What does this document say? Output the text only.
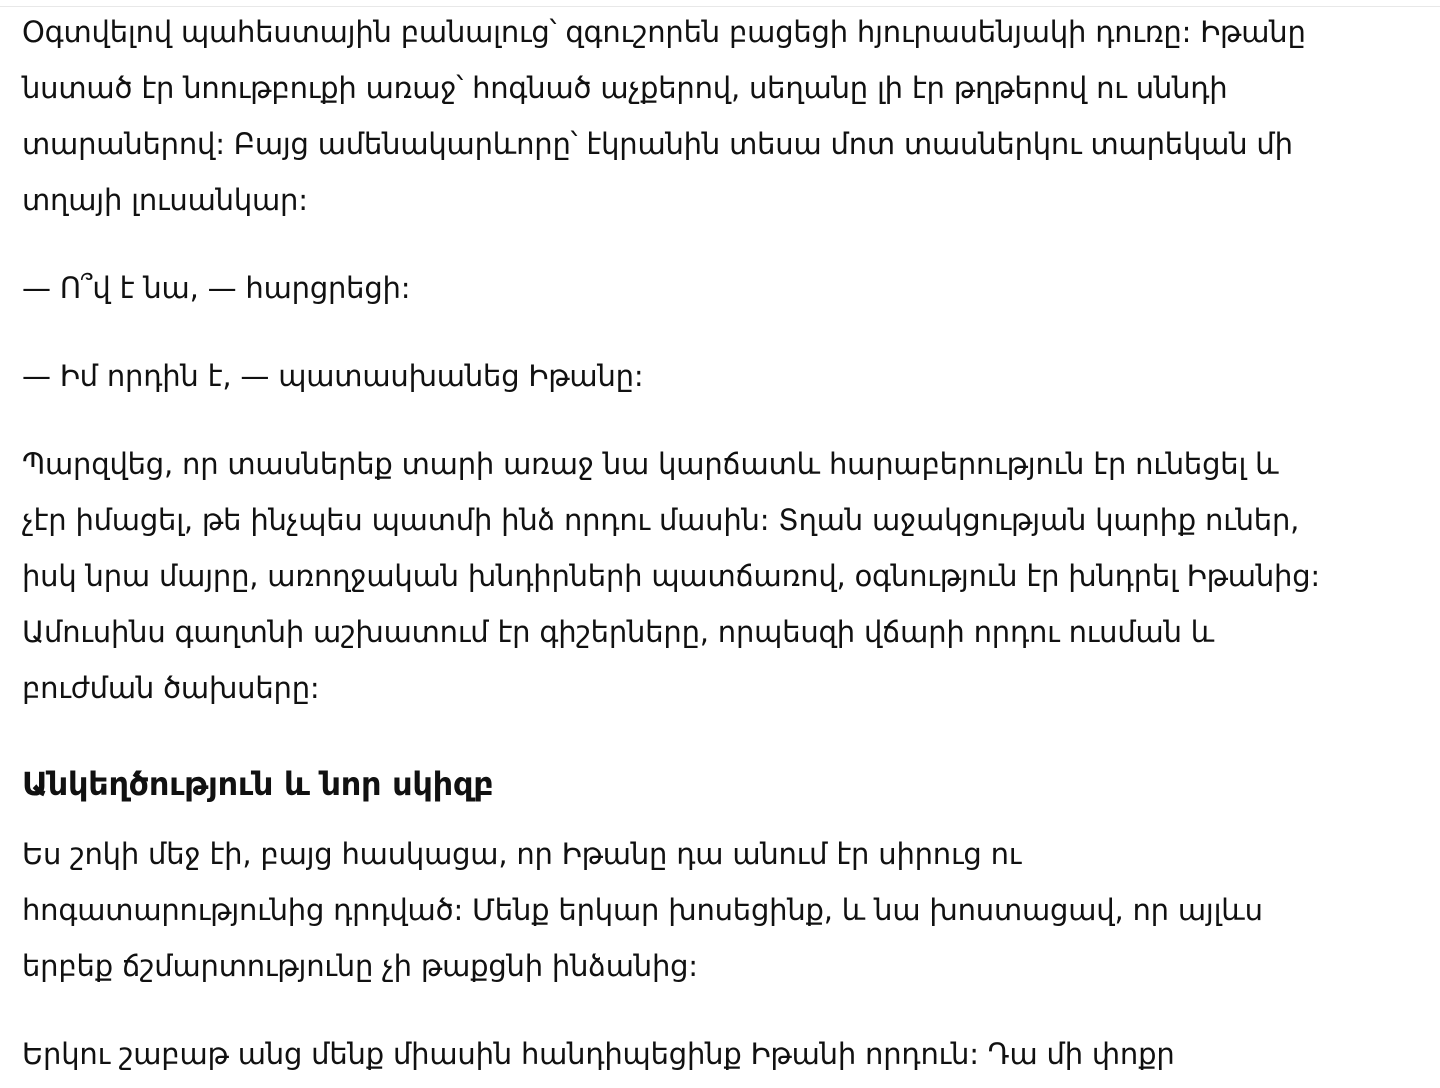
Օգտվելով պահեստային բանալուց՝ զգուշորեն բացեցի հյուրասենյակի դուռը: Իթանը նստած էր նոութբուքի առաջ՝ հոգնած աչքերով, սեղանը լի էր թղթերով ու սննդի տարաներով: Բայց ամենակարևորը՝ էկրանին տեսա մոտ տասներկու տարեկան մի տղայի լուսանկար:

— Ո՞վ է նա, — հարցրեցի:

— Իմ որդին է, — պատասխանեց Իթանը:

Պարզվեց, որ տասներեք տարի առաջ նա կարճատև հարաբերություն էր ունեցել և չէր իմացել, թե ինչպես պատմի ինձ որդու մասին: Տղան աջակցության կարիք ուներ, իսկ նրա մայրը, առողջական խնդիրների պատճառով, օգնություն էր խնդրել Իթանից: Ամուսինս գաղտնի աշխատում էր գիշերները, որպեսզի վճարի որդու ուսման և բուժման ծախսերը:

Անկեղծություն և նոր սկիզբ

Ես շոկի մեջ էի, բայց հասկացա, որ Իթանը դա անում էր սիրուց ու հոգատարությունից դրդված: Մենք երկար խոսեցինք, և նա խոստացավ, որ այլևս երբեք ճշմարտությունը չի թաքցնի ինձանից:

Երկու շաբաթ անց մենք միասին հանդիպեցինք Իթանի որդուն: Դա մի փոքր
